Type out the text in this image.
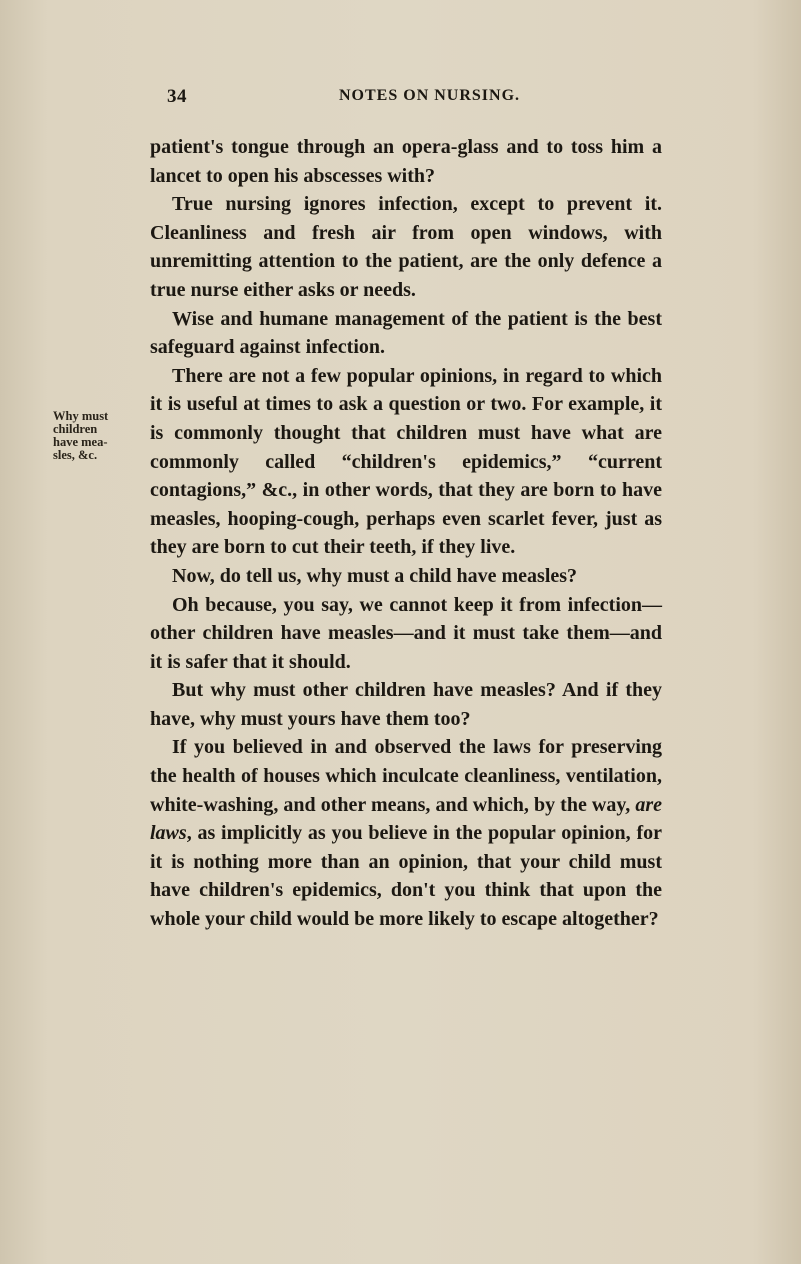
34	NOTES ON NURSING.
Why must
children
have mea-
sles, &c.

patient's tongue through an opera-glass and to toss him a lancet to open his abscesses with?

True nursing ignores infection, except to prevent it. Cleanliness and fresh air from open windows, with unremitting attention to the patient, are the only defence a true nurse either asks or needs.

Wise and humane management of the patient is the best safeguard against infection.

There are not a few popular opinions, in regard to which it is useful at times to ask a question or two. For example, it is commonly thought that children must have what are commonly called “children's epidemics,” “current contagions,” &c., in other words, that they are born to have measles, hooping-cough, perhaps even scarlet fever, just as they are born to cut their teeth, if they live.

Now, do tell us, why must a child have measles?

Oh because, you say, we cannot keep it from infection—other children have measles—and it must take them—and it is safer that it should.

But why must other children have measles? And if they have, why must yours have them too?

If you believed in and observed the laws for preserving the health of houses which inculcate cleanliness, ventilation, white-washing, and other means, and which, by the way, are laws, as implicitly as you believe in the popular opinion, for it is nothing more than an opinion, that your child must have children's epidemics, don't you think that upon the whole your child would be more likely to escape altogether?
